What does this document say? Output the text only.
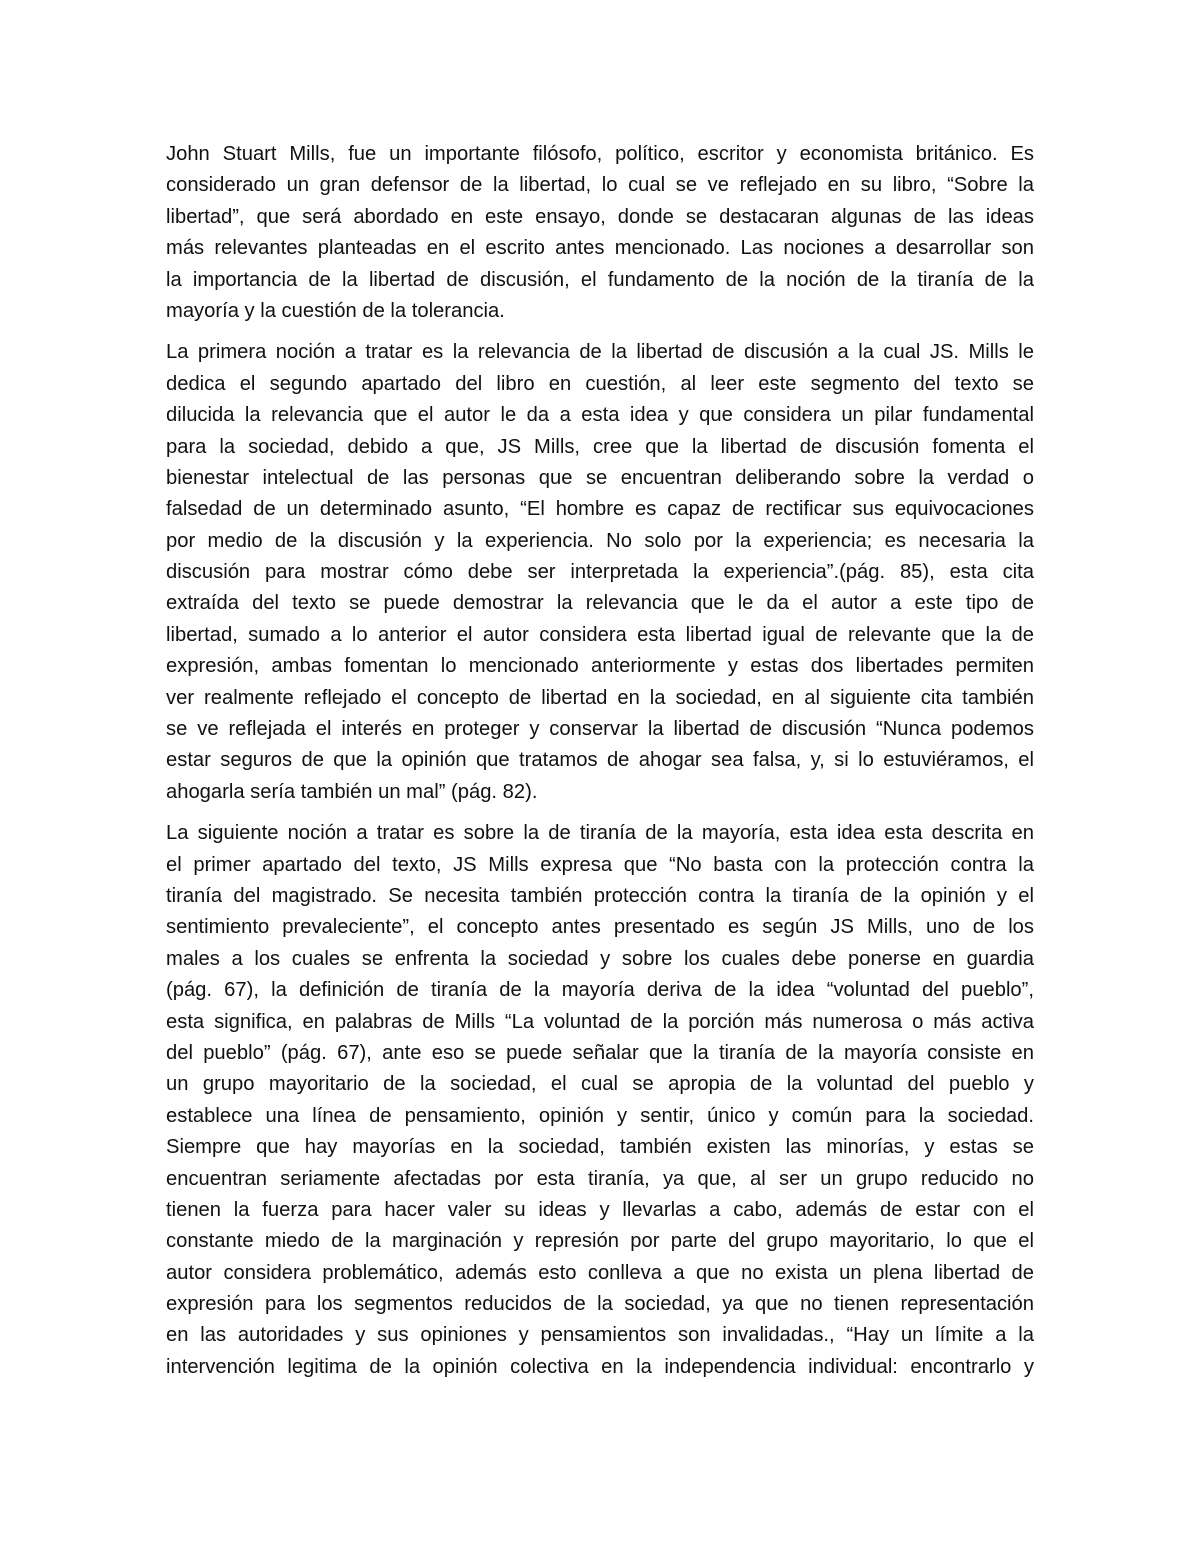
John Stuart Mills, fue un importante filósofo, político, escritor y economista británico. Es
considerado un gran defensor de la libertad, lo cual se ve reflejado en su libro, “Sobre la
libertad”, que será abordado en este ensayo, donde se destacaran algunas de las ideas
más relevantes planteadas en el escrito antes mencionado. Las nociones a desarrollar son
la importancia de la libertad de discusión, el fundamento de la noción de la tiranía de la
mayoría y la cuestión de la tolerancia.
La primera noción a tratar es la relevancia de la libertad de discusión a la cual JS. Mills le
dedica el segundo apartado del libro en cuestión, al leer este segmento del texto se
dilucida la relevancia que el autor le da a esta idea y que considera un pilar fundamental
para la sociedad, debido a que, JS Mills, cree que la libertad de discusión fomenta el
bienestar intelectual de las personas que se encuentran deliberando sobre la verdad o
falsedad de un determinado asunto, “El hombre es capaz de rectificar sus equivocaciones
por medio de la discusión y la experiencia. No solo por la experiencia; es necesaria la
discusión para mostrar cómo debe ser interpretada la experiencia”.(pág. 85), esta cita
extraída del texto se puede demostrar la relevancia que le da el autor a este tipo de
libertad, sumado a lo anterior el autor considera esta libertad igual de relevante que la de
expresión, ambas fomentan lo mencionado anteriormente y estas dos libertades permiten
ver realmente reflejado el concepto de libertad en la sociedad, en al siguiente cita también
se ve reflejada el interés en proteger y conservar la libertad de discusión “Nunca podemos
estar seguros de que la opinión que tratamos de ahogar sea falsa, y, si lo estuviéramos, el
ahogarla sería también un mal” (pág. 82).
La siguiente noción a tratar es sobre la de tiranía de la mayoría, esta idea esta descrita en
el primer apartado del texto, JS Mills expresa que “No basta con la protección contra la
tiranía del magistrado. Se necesita también protección contra la tiranía de la opinión y el
sentimiento prevaleciente”, el concepto antes presentado es según JS Mills, uno de los
males a los cuales se enfrenta la sociedad y sobre los cuales debe ponerse en guardia
(pág. 67), la definición de tiranía de la mayoría deriva de la idea “voluntad del pueblo”,
esta significa, en palabras de Mills “La voluntad de la porción más numerosa o más activa
del pueblo” (pág. 67), ante eso se puede señalar que la tiranía de la mayoría consiste en
un grupo mayoritario de la sociedad, el cual se apropia de la voluntad del pueblo y
establece una línea de pensamiento, opinión y sentir, único y común para la sociedad.
Siempre que hay mayorías en la sociedad, también existen las minorías, y estas se
encuentran seriamente afectadas por esta tiranía, ya que, al ser un grupo reducido no
tienen la fuerza para hacer valer su ideas y llevarlas a cabo, además de estar con el
constante miedo de la marginación y represión por parte del grupo mayoritario, lo que el
autor considera problemático, además esto conlleva a que no exista un plena libertad de
expresión para los segmentos reducidos de la sociedad, ya que no tienen representación
en las autoridades y sus opiniones y pensamientos son invalidadas., “Hay un límite a la
intervención legitima de la opinión colectiva en la independencia individual: encontrarlo y
